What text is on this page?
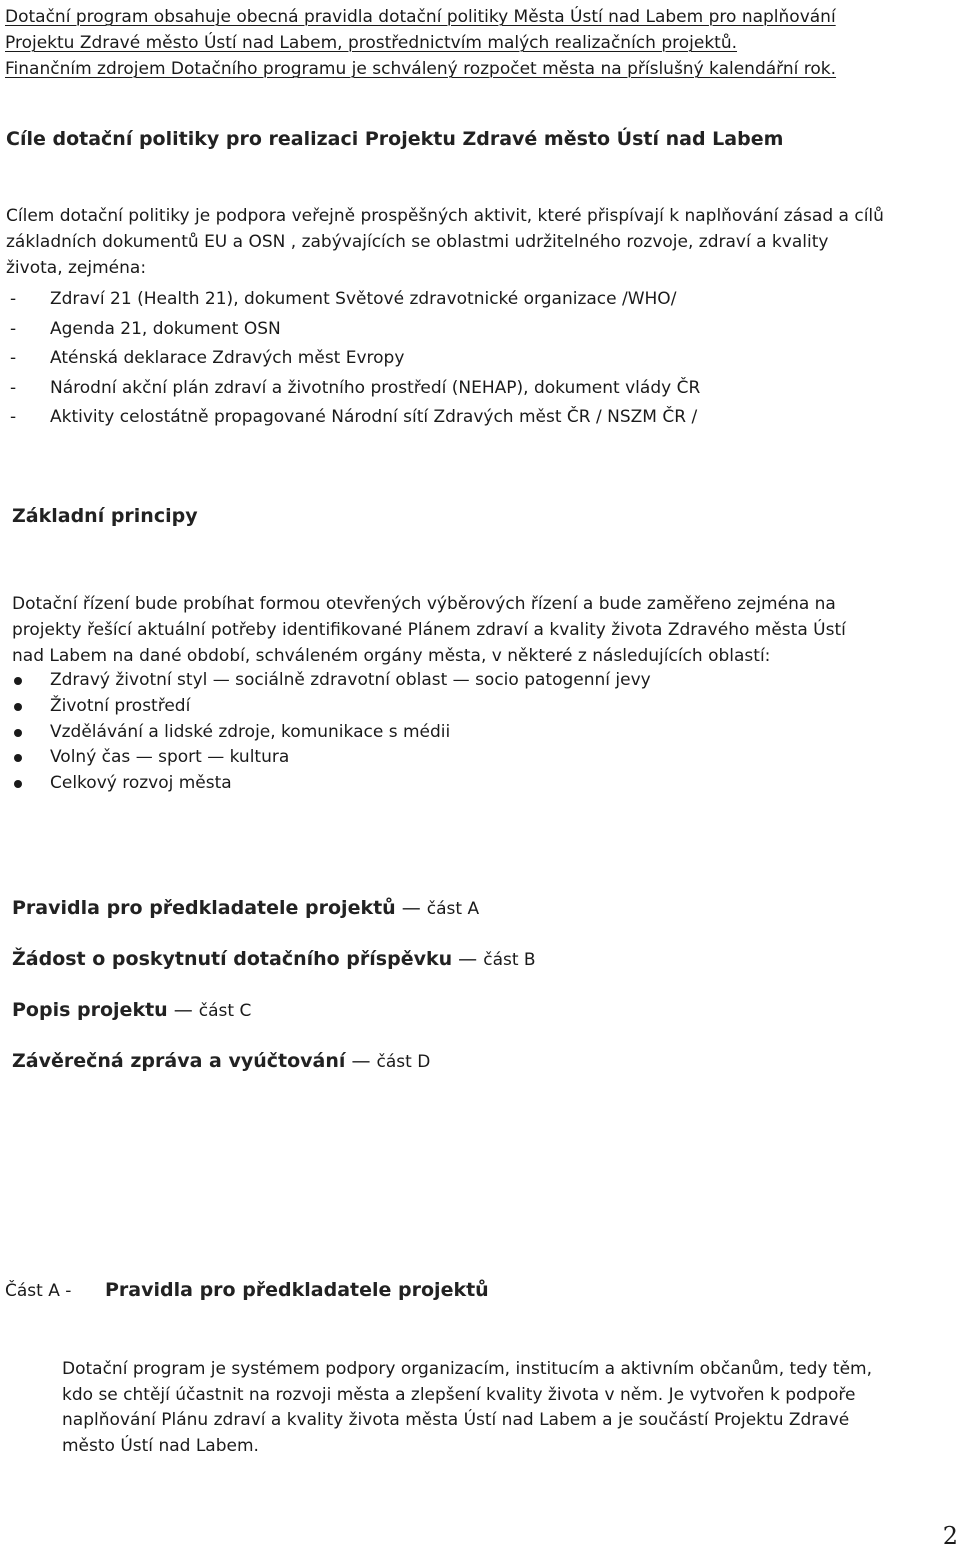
Dotační program obsahuje obecná pravidla dotační politiky Města Ústí nad Labem pro naplňování

Projektu Zdravé město Ústí nad Labem, prostřednictvím malých realizačních projektů.

Finančním zdrojem Dotačního programu je schválený rozpočet města na příslušný kalendářní rok.

Cíle dotační politiky pro realizaci Projektu Zdravé město Ústí nad Labem

Cílem dotační politiky je podpora veřejně prospěšných aktivit, které přispívají k naplňování zásad a cílů

základních dokumentů EU a OSN , zabývajících se oblastmi udržitelného rozvoje, zdraví a kvality

života, zejména:

- Zdraví 21 (Health 21), dokument Světové zdravotnické organizace /WHO/
- Agenda 21, dokument OSN
- Aténská deklarace Zdravých měst Evropy
- Národní akční plán zdraví a životního prostředí (NEHAP), dokument vlády ČR
- Aktivity celostátně propagované Národní sítí Zdravých měst ČR / NSZM ČR /
Základní principy

Dotační řízení bude probíhat formou otevřených výběrových řízení a bude zaměřeno zejména na

projekty řešící aktuální potřeby identifikované Plánem zdraví a kvality života Zdravého města Ústí

nad Labem na dané období, schváleném orgány města, v některé z následujících oblastí:

Zdravý životní styl — sociálně zdravotní oblast — socio patogenní jevy
Životní prostředí
Vzdělávání a lidské zdroje, komunikace s médii
Volný čas — sport — kultura
Celkový rozvoj města
Pravidla pro předkladatele projektů — část A
Žádost o poskytnutí dotačního příspěvku — část B
Popis projektu — část C
Závěrečná zpráva a vyúčtování — část D
Část A - Pravidla pro předkladatele projektů

Dotační program je systémem podpory organizacím, institucím a aktivním občanům, tedy těm,

kdo se chtějí účastnit na rozvoji města a zlepšení kvality života v něm. Je vytvořen k podpoře

naplňování Plánu zdraví a kvality života města Ústí nad Labem a je součástí Projektu Zdravé

město Ústí nad Labem.

2
